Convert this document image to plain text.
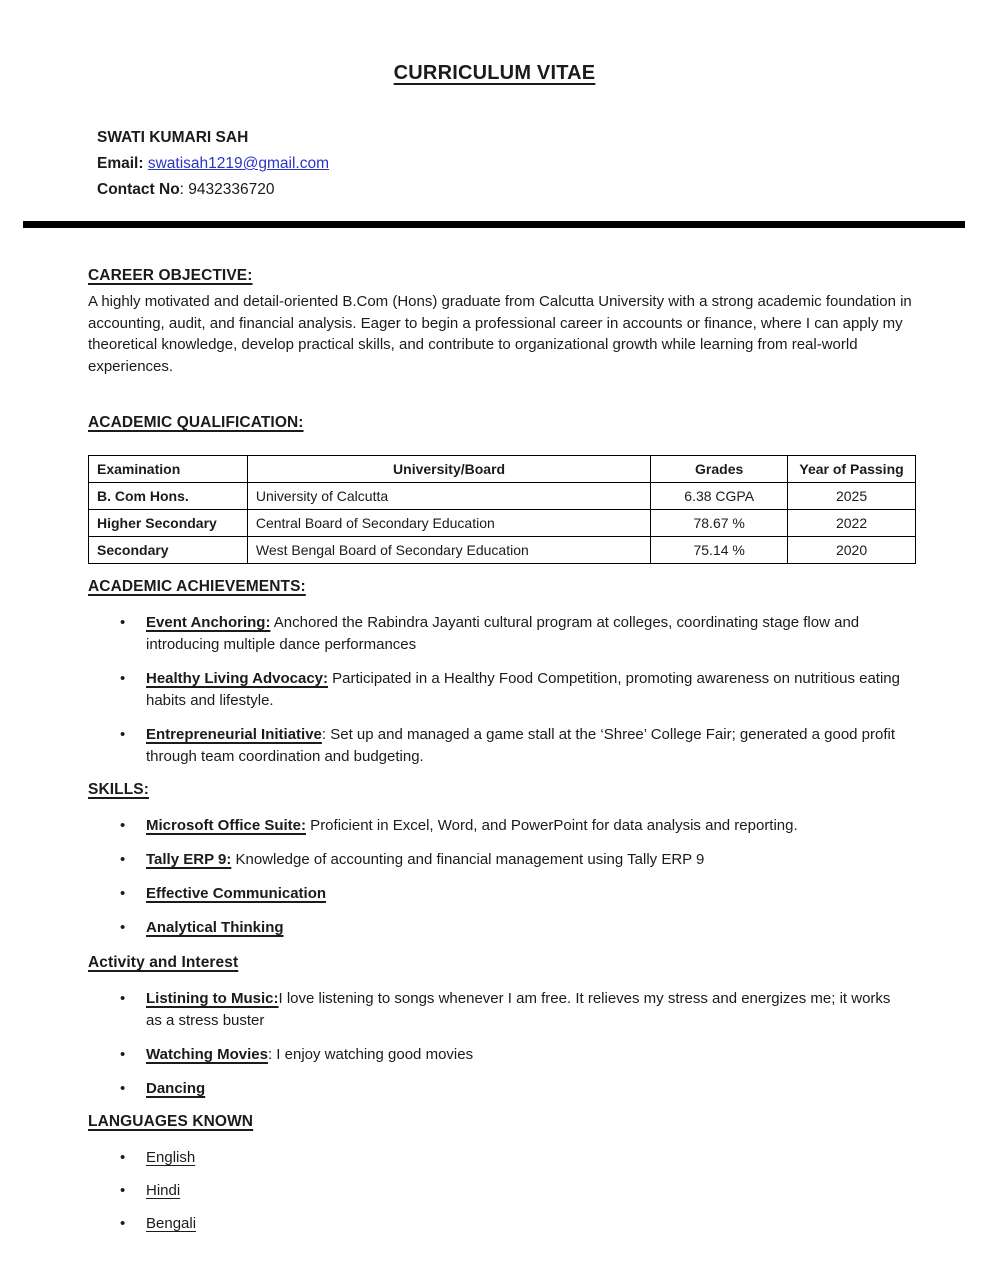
CURRICULUM VITAE
SWATI KUMARI SAH
Email: swatisah1219@gmail.com
Contact No: 9432336720
CAREER OBJECTIVE:
A highly motivated and detail-oriented B.Com (Hons) graduate from Calcutta University with a strong academic foundation in accounting, audit, and financial analysis. Eager to begin a professional career in accounts or finance, where I can apply my theoretical knowledge, develop practical skills, and contribute to organizational growth while learning from real-world experiences.
ACADEMIC QUALIFICATION:
Examination	University/Board	Grades	Year of Passing
B. Com Hons.	University of Calcutta	6.38 CGPA	2025
Higher Secondary	Central Board of Secondary Education	78.67 %	2022
Secondary	West Bengal Board of Secondary Education	75.14 %	2020
ACADEMIC ACHIEVEMENTS:
• Event Anchoring: Anchored the Rabindra Jayanti cultural program at colleges, coordinating stage flow and introducing multiple dance performances
• Healthy Living Advocacy: Participated in a Healthy Food Competition, promoting awareness on nutritious eating habits and lifestyle.
• Entrepreneurial Initiative: Set up and managed a game stall at the ‘Shree’ College Fair; generated a good profit through team coordination and budgeting.
SKILLS:
• Microsoft Office Suite: Proficient in Excel, Word, and PowerPoint for data analysis and reporting.
• Tally ERP 9: Knowledge of accounting and financial management using Tally ERP 9
• Effective Communication
• Analytical Thinking
Activity and Interest
• Listining to Music:I love listening to songs whenever I am free. It relieves my stress and energizes me; it works as a stress buster
• Watching Movies: I enjoy watching good movies
• Dancing
LANGUAGES KNOWN
• English
• Hindi
• Bengali
